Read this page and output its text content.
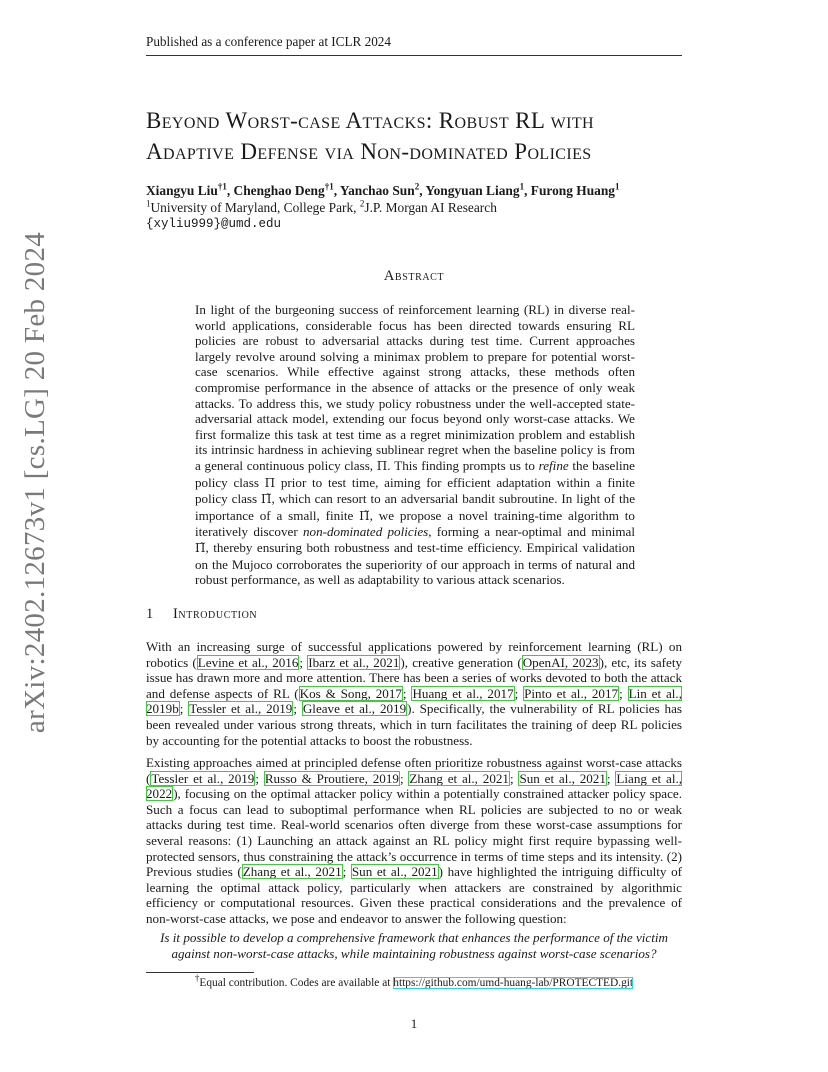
arXiv:2402.12673v1 [cs.LG] 20 Feb 2024
Published as a conference paper at ICLR 2024
Beyond Worst-case Attacks: Robust RL with
Adaptive Defense via Non-dominated Policies
Xiangyu Liu$^{\dagger 1}$, Chenghao Deng$^{\dagger 1}$, Yanchao Sun$^2$, Yongyuan Liang$^1$, Furong Huang$^1$
$^1$University of Maryland, College Park, $^2$J.P. Morgan AI Research
{xyliu999}@umd.edu
Abstract

In light of the burgeoning success of reinforcement learning (RL) in diverse real-world applications, considerable focus has been directed towards ensuring RL policies are robust to adversarial attacks during test time. Current approaches largely revolve around solving a minimax problem to prepare for potential worst-case scenarios. While effective against strong attacks, these methods often compromise performance in the absence of attacks or the presence of only weak attacks. To address this, we study policy robustness under the well-accepted state-adversarial attack model, extending our focus beyond only worst-case attacks. We first formalize this task at test time as a regret minimization problem and establish its intrinsic hardness in achieving sublinear regret when the baseline policy is from a general continuous policy class, Π. This finding prompts us to refine the baseline policy class Π prior to test time, aiming for efficient adaptation within a finite policy class Π̃, which can resort to an adversarial bandit subroutine. In light of the importance of a small, finite Π̃, we propose a novel training-time algorithm to iteratively discover non-dominated policies, forming a near-optimal and minimal Π̃, thereby ensuring both robustness and test-time efficiency. Empirical validation on the Mujoco corroborates the superiority of our approach in terms of natural and robust performance, as well as adaptability to various attack scenarios.

1 Introduction

With an increasing surge of successful applications powered by reinforcement learning (RL) on robotics (Levine et al., 2016; Ibarz et al., 2021), creative generation (OpenAI, 2023), etc, its safety issue has drawn more and more attention. There has been a series of works devoted to both the attack and defense aspects of RL (Kos & Song, 2017; Huang et al., 2017; Pinto et al., 2017; Lin et al., 2019b; Tessler et al., 2019; Gleave et al., 2019). Specifically, the vulnerability of RL policies has been revealed under various strong threats, which in turn facilitates the training of deep RL policies by accounting for the potential attacks to boost the robustness.

Existing approaches aimed at principled defense often prioritize robustness against worst-case attacks (Tessler et al., 2019; Russo & Proutiere, 2019; Zhang et al., 2021; Sun et al., 2021; Liang et al., 2022), focusing on the optimal attacker policy within a potentially constrained attacker policy space. Such a focus can lead to suboptimal performance when RL policies are subjected to no or weak attacks during test time. Real-world scenarios often diverge from these worst-case assumptions for several reasons: (1) Launching an attack against an RL policy might first require bypassing well-protected sensors, thus constraining the attack’s occurrence in terms of time steps and its intensity. (2) Previous studies (Zhang et al., 2021; Sun et al., 2021) have highlighted the intriguing difficulty of learning the optimal attack policy, particularly when attackers are constrained by algorithmic efficiency or computational resources. Given these practical considerations and the prevalence of non-worst-case attacks, we pose and endeavor to answer the following question:

Is it possible to develop a comprehensive framework that enhances the performance of the victim against non-worst-case attacks, while maintaining robustness against worst-case scenarios?

†Equal contribution. Codes are available at https://github.com/umd-huang-lab/PROTECTED.git

1
